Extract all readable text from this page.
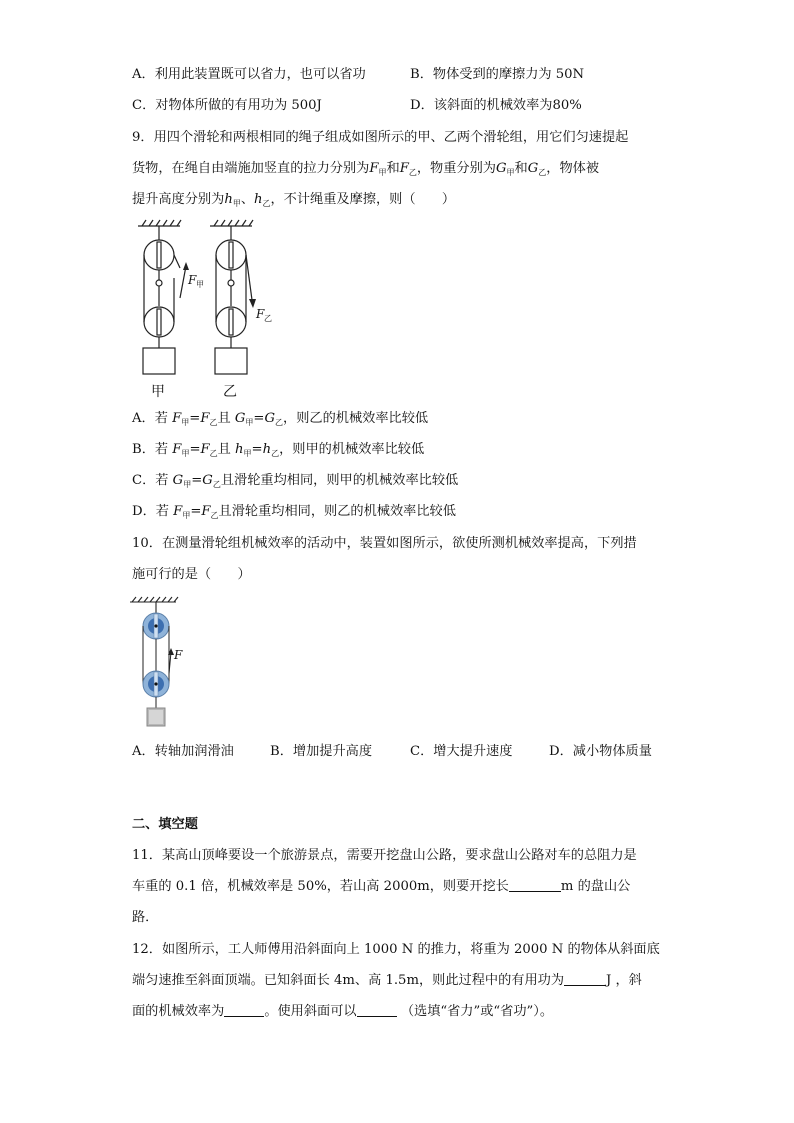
A．利用此装置既可以省力，也可以省功	B．物体受到的摩擦力为 50N
C．对物体所做的有用功为 500J	D．该斜面的机械效率为80%
9．用四个滑轮和两根相同的绳子组成如图所示的甲、乙两个滑轮组，用它们匀速提起
货物，在绳自由端施加竖直的拉力分别为$F_甲$和$F_乙$，物重分别为$G_甲$和$G_乙$，物体被
提升高度分别为$h_甲$、$h_乙$，不计绳重及摩擦，则（　　）
F 甲
F 乙
甲	乙
A．若 $F_甲=F_乙$且 $G_甲=G_乙$，则乙的机械效率比较低
B．若 $F_甲=F_乙$且 $h_甲=h_乙$，则甲的机械效率比较低
C．若 $G_甲=G_乙$且滑轮重均相同，则甲的机械效率比较低
D．若 $F_甲=F_乙$且滑轮重均相同，则乙的机械效率比较低
10．在测量滑轮组机械效率的活动中，装置如图所示，欲使所测机械效率提高，下列措
施可行的是（　　）
F
A．转轴加润滑油	B．增加提升高度	C．增大提升速度	D．减小物体质量
二、填空题
11．某高山顶峰要设一个旅游景点，需要开挖盘山公路，要求盘山公路对车的总阻力是
车重的 0.1 倍，机械效率是 50%，若山高 2000m，则要开挖长	m 的盘山公
路．
12．如图所示，工人师傅用沿斜面向上 1000 N 的推力，将重为 2000 N 的物体从斜面底
端匀速推至斜面顶端。已知斜面长 4m、高 1.5m，则此过程中的有用功为	J ，斜
面的机械效率为	。使用斜面可以	（选填“省力”或“省功”）。
